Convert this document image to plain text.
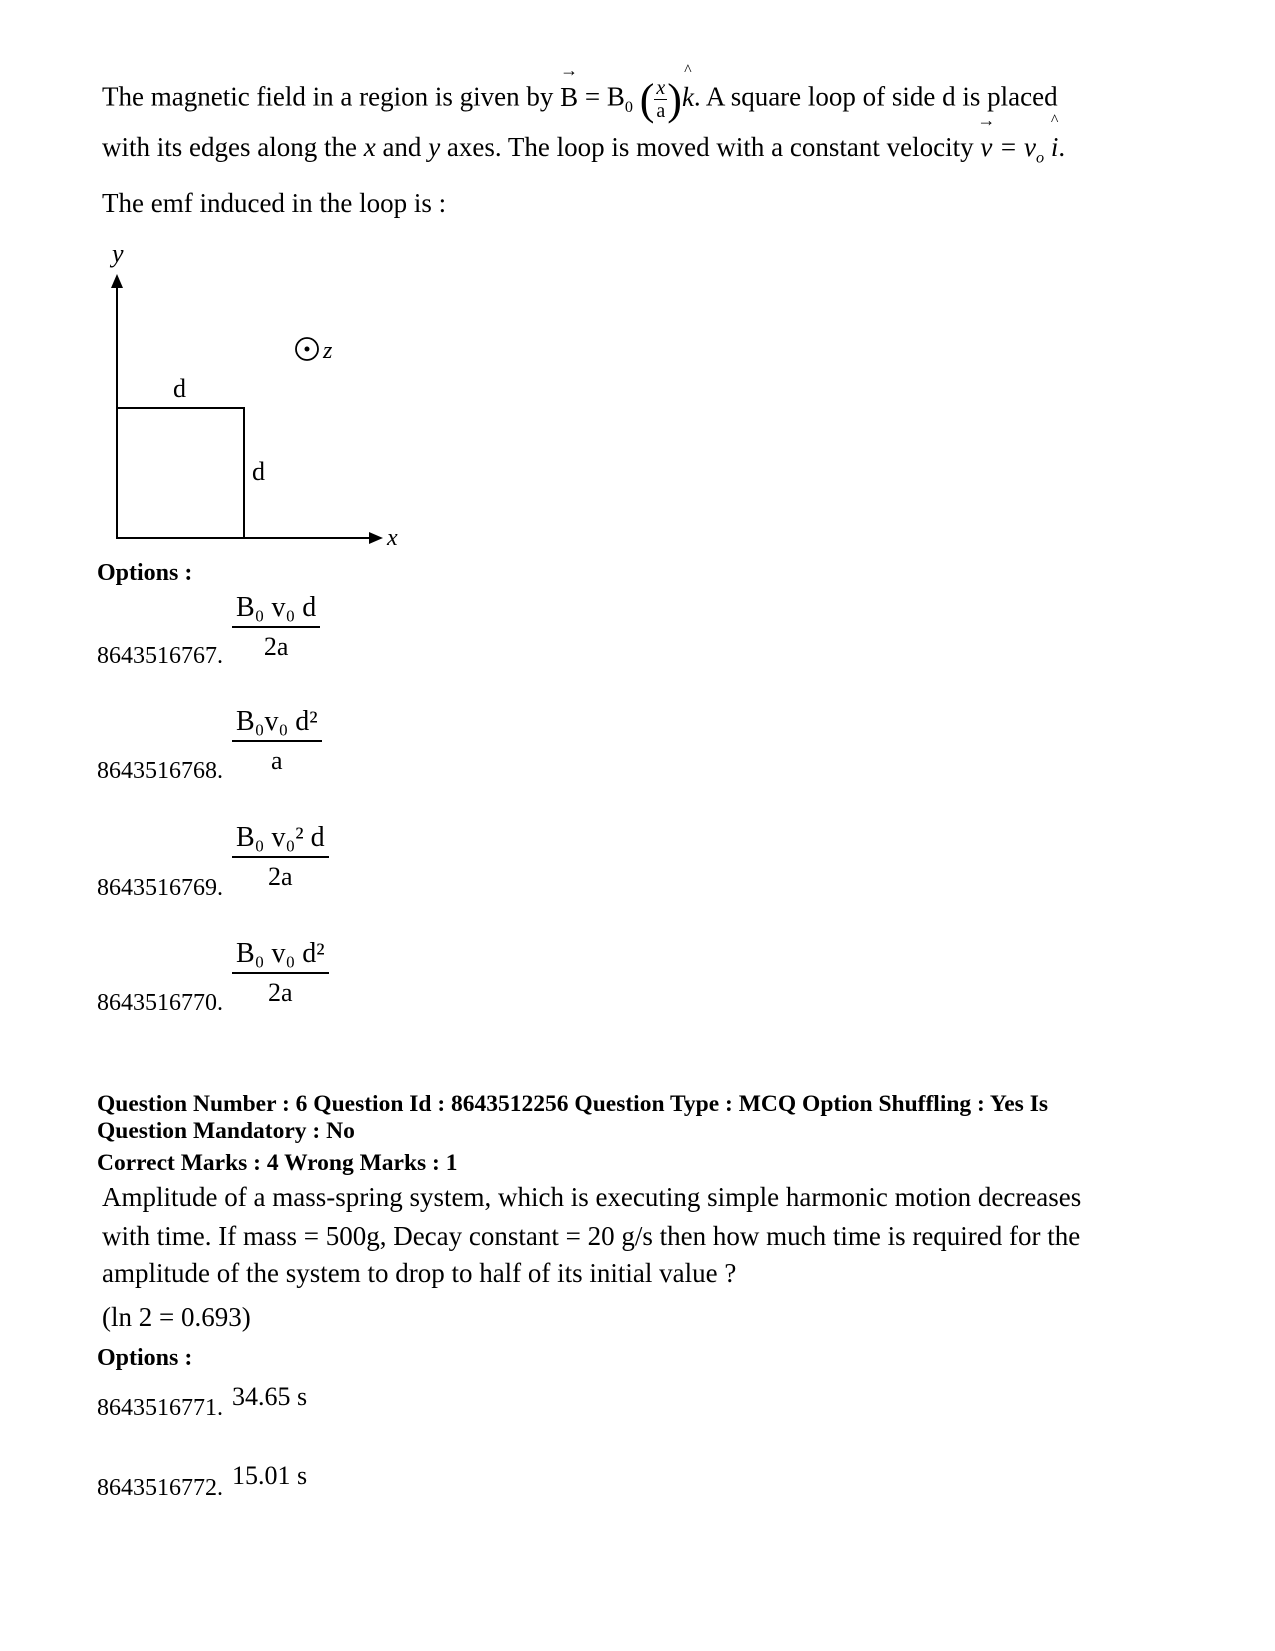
The magnetic field in a region is given by
→
$B = B_0$ ( $\frac{x}{a}$ )
^
k. A square loop of side d is placed
with its edges along the x and y axes. The loop is moved with a constant velocity
→
$v = v_o$
^
i.
The emf induced in the loop is :
y
x
d
d
z
Options :
8643516767.
B₀ v₀ d
2a
8643516768.
B₀v₀ d²
a
8643516769.
B₀ v₀² d
2a
8643516770.
B₀ v₀ d²
2a
Question Number : 6 Question Id : 8643512256 Question Type : MCQ Option Shuffling : Yes Is
Question Mandatory : No
Correct Marks : 4 Wrong Marks : 1
Amplitude of a mass-spring system, which is executing simple harmonic motion decreases
with time. If mass = 500g, Decay constant = 20 g/s then how much time is required for the
amplitude of the system to drop to half of its initial value ?
(ln 2 = 0.693)
Options :
8643516771. 34.65 s
8643516772. 15.01 s
